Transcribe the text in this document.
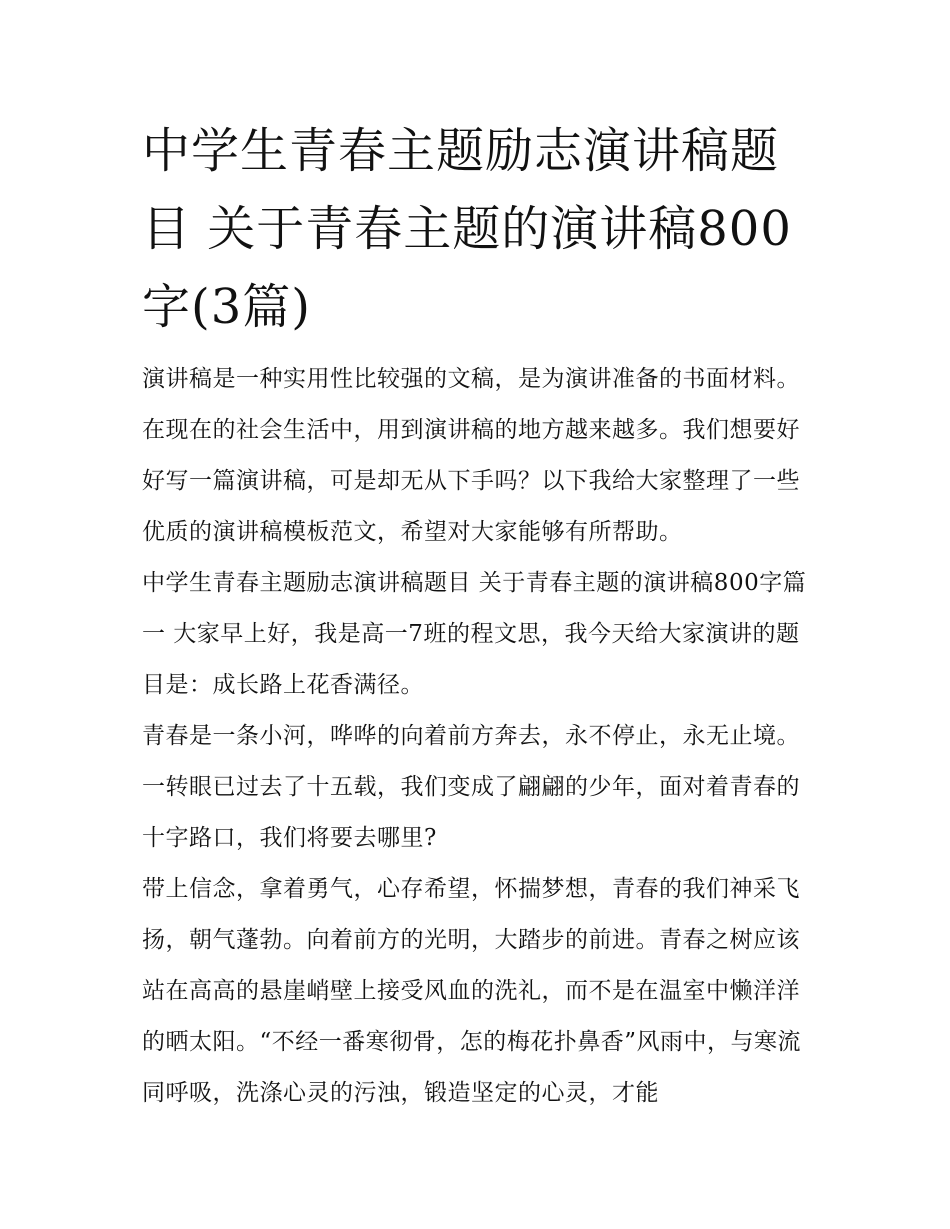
中学生青春主题励志演讲稿题目 关于青春主题的演讲稿800字(3篇)

演讲稿是一种实用性比较强的文稿，是为演讲准备的书面材料。在现在的社会生活中，用到演讲稿的地方越来越多。我们想要好好写一篇演讲稿，可是却无从下手吗？以下我给大家整理了一些优质的演讲稿模板范文，希望对大家能够有所帮助。

中学生青春主题励志演讲稿题目 关于青春主题的演讲稿800字篇一 大家早上好，我是高一7班的程文思，我今天给大家演讲的题目是：成长路上花香满径。

青春是一条小河，哗哗的向着前方奔去，永不停止，永无止境。 一转眼已过去了十五载，我们变成了翩翩的少年，面对着青春的十字路口，我们将要去哪里?

带上信念，拿着勇气，心存希望，怀揣梦想，青春的我们神采飞扬，朝气蓬勃。向着前方的光明，大踏步的前进。青春之树应该站在高高的悬崖峭壁上接受风血的洗礼，而不是在温室中懒洋洋的晒太阳。“不经一番寒彻骨，怎的梅花扑鼻香”风雨中，与寒流同呼吸，洗涤心灵的污浊，锻造坚定的心灵，才能
